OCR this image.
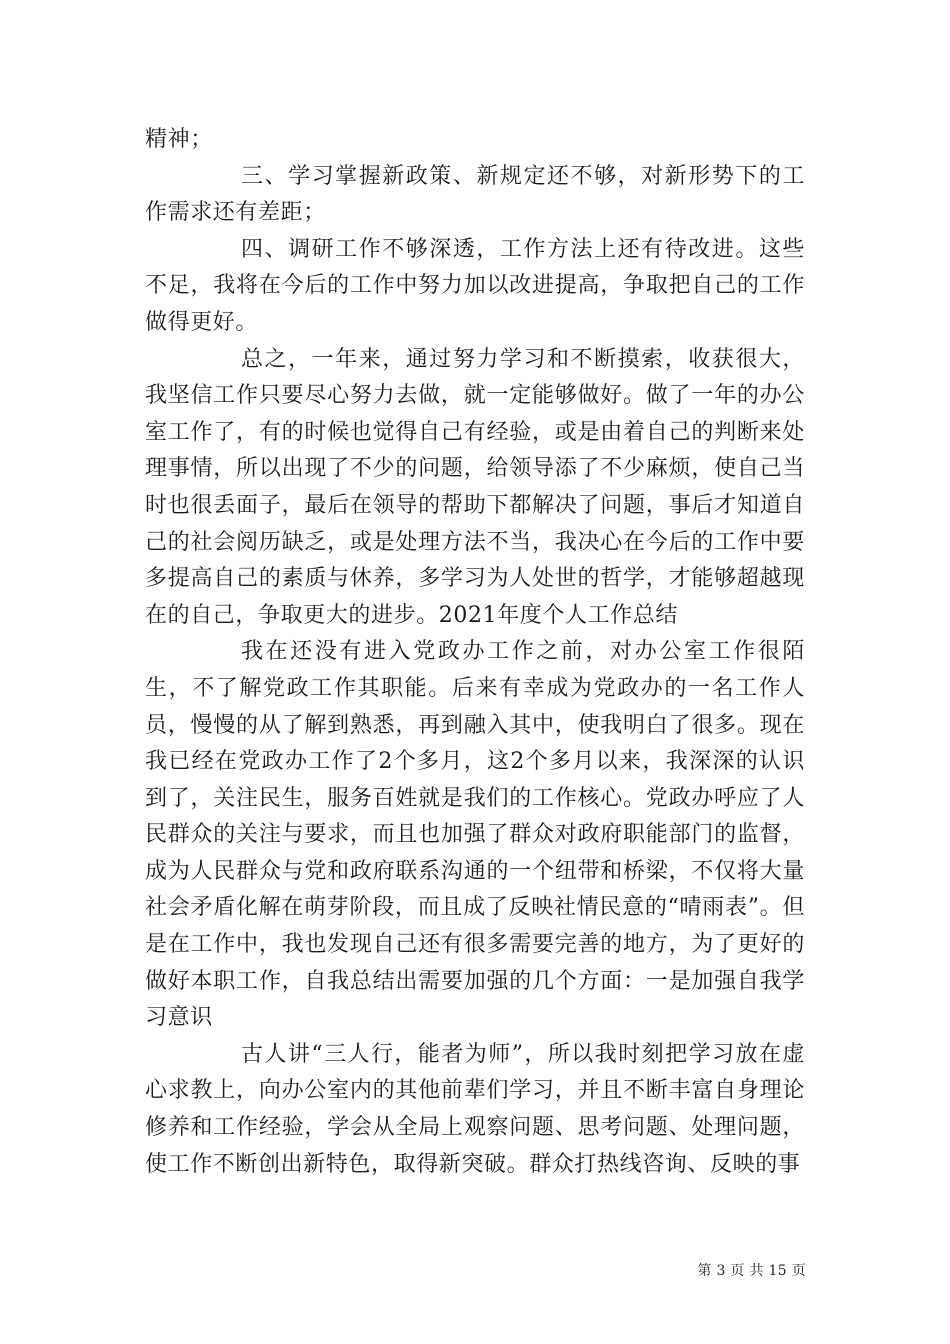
精神；

三、学习掌握新政策、新规定还不够，对新形势下的工作需求还有差距；

四、调研工作不够深透，工作方法上还有待改进。这些不足，我将在今后的工作中努力加以改进提高，争取把自己的工作做得更好。

总之，一年来，通过努力学习和不断摸索，收获很大，我坚信工作只要尽心努力去做，就一定能够做好。做了一年的办公室工作了，有的时候也觉得自己有经验，或是由着自己的判断来处理事情，所以出现了不少的问题，给领导添了不少麻烦，使自己当时也很丢面子，最后在领导的帮助下都解决了问题，事后才知道自己的社会阅历缺乏，或是处理方法不当，我决心在今后的工作中要多提高自己的素质与休养，多学习为人处世的哲学，才能够超越现在的自己，争取更大的进步。2021年度个人工作总结

我在还没有进入党政办工作之前，对办公室工作很陌生，不了解党政工作其职能。后来有幸成为党政办的一名工作人员，慢慢的从了解到熟悉，再到融入其中，使我明白了很多。现在我已经在党政办工作了2个多月，这2个多月以来，我深深的认识到了，关注民生，服务百姓就是我们的工作核心。党政办呼应了人民群众的关注与要求，而且也加强了群众对政府职能部门的监督，成为人民群众与党和政府联系沟通的一个纽带和桥梁，不仅将大量社会矛盾化解在萌芽阶段，而且成了反映社情民意的“晴雨表”。但是在工作中，我也发现自己还有很多需要完善的地方，为了更好的做好本职工作，自我总结出需要加强的几个方面：一是加强自我学习意识

古人讲“三人行，能者为师”，所以我时刻把学习放在虚心求教上，向办公室内的其他前辈们学习，并且不断丰富自身理论修养和工作经验，学会从全局上观察问题、思考问题、处理问题，使工作不断创出新特色，取得新突破。群众打热线咨询、反映的事

第 3 页 共 15 页
